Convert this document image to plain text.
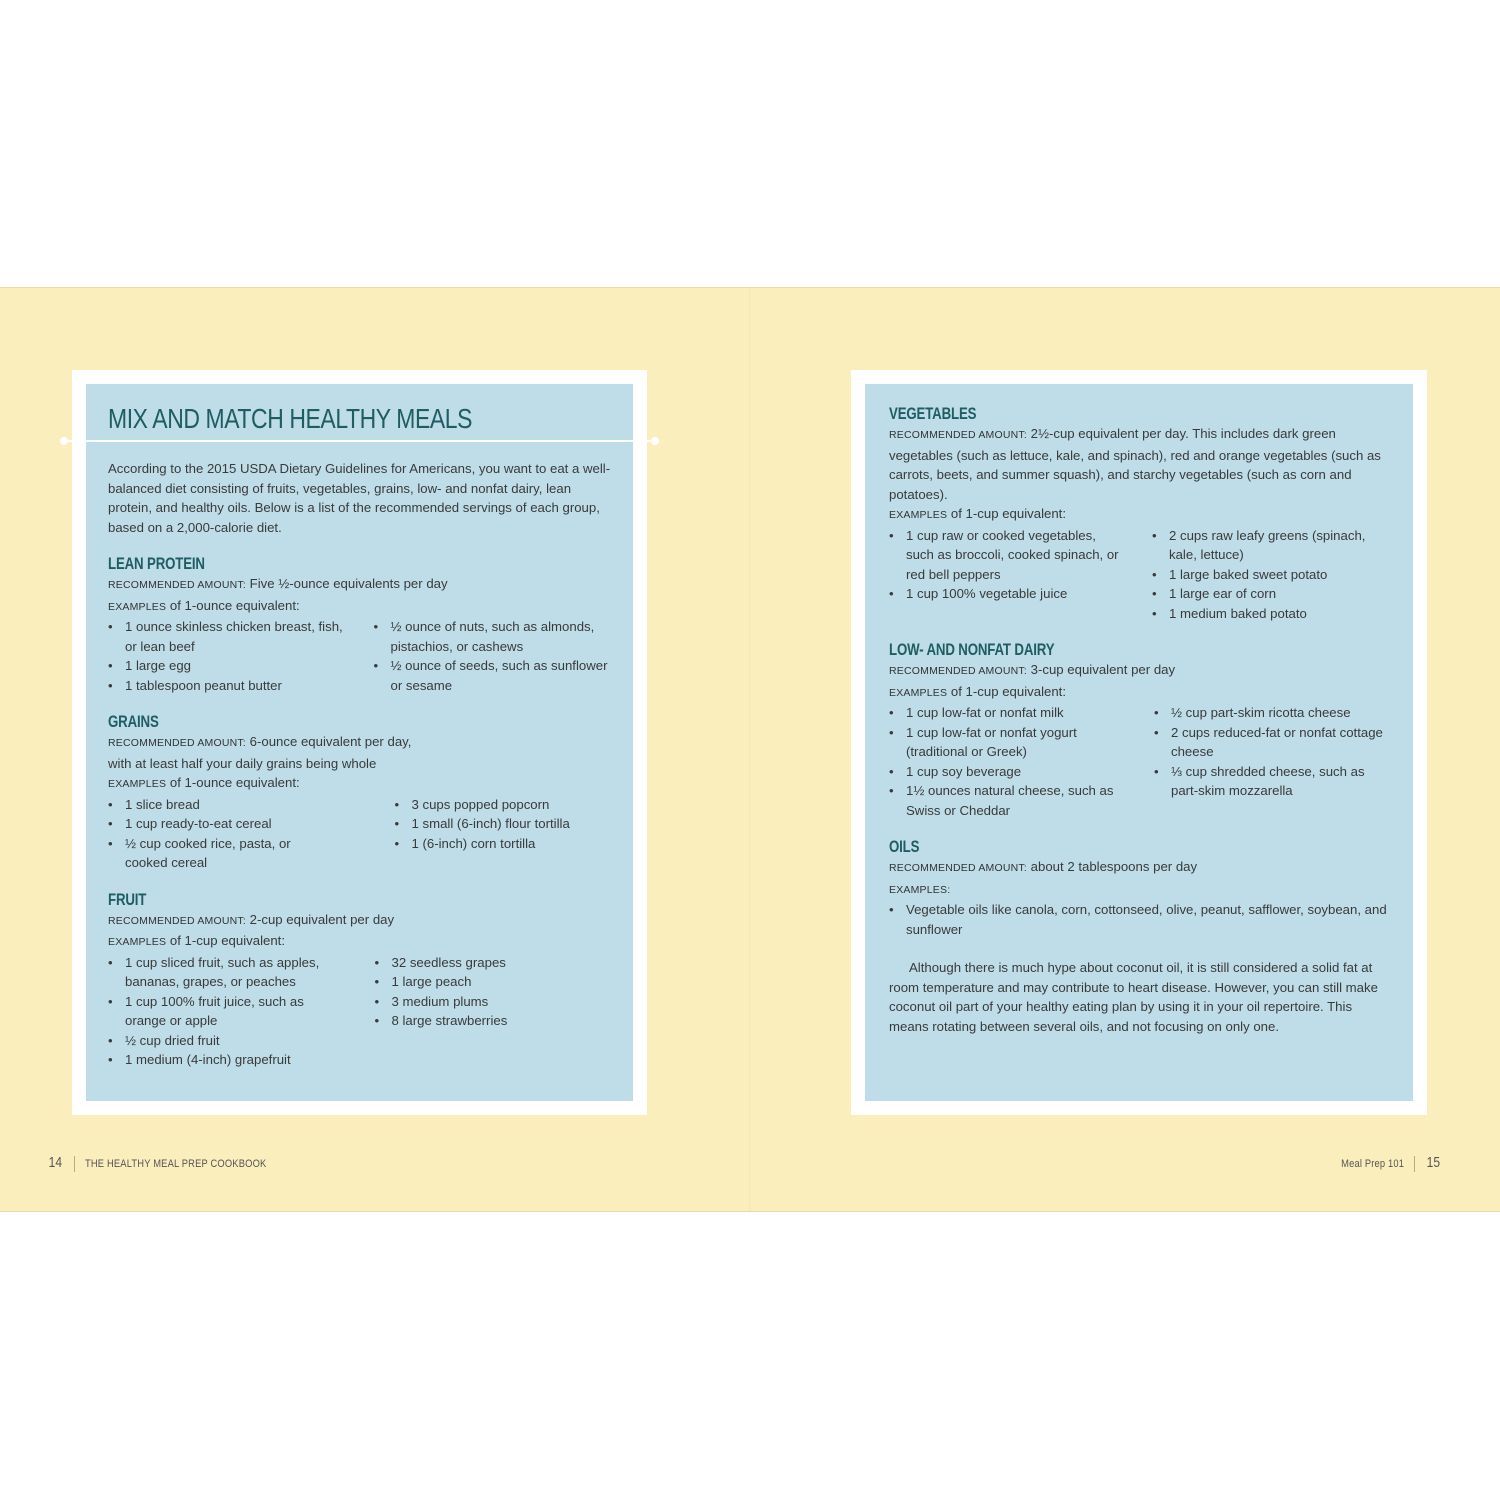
MIX AND MATCH HEALTHY MEALS

According to the 2015 USDA Dietary Guidelines for Americans, you want to eat a well-balanced diet consisting of fruits, vegetables, grains, low- and nonfat dairy, lean protein, and healthy oils. Below is a list of the recommended servings of each group, based on a 2,000-calorie diet.

LEAN PROTEIN

RECOMMENDED AMOUNT: Five ½-ounce equivalents per day

EXAMPLES of 1-ounce equivalent:

• 1 ounce skinless chicken breast, fish, or lean beef
• 1 large egg
• 1 tablespoon peanut butter
• ½ ounce of nuts, such as almonds, pistachios, or cashews
• ½ ounce of seeds, such as sunflower or sesame
GRAINS

RECOMMENDED AMOUNT: 6-ounce equivalent per day, with at least half your daily grains being whole

EXAMPLES of 1-ounce equivalent:

• 1 slice bread
• 1 cup ready-to-eat cereal
• ½ cup cooked rice, pasta, or cooked cereal
• 3 cups popped popcorn
• 1 small (6-inch) flour tortilla
• 1 (6-inch) corn tortilla
FRUIT

RECOMMENDED AMOUNT: 2-cup equivalent per day

EXAMPLES of 1-cup equivalent:

• 1 cup sliced fruit, such as apples, bananas, grapes, or peaches
• 1 cup 100% fruit juice, such as orange or apple
• ½ cup dried fruit
• 1 medium (4-inch) grapefruit
• 32 seedless grapes
• 1 large peach
• 3 medium plums
• 8 large strawberries
VEGETABLES

RECOMMENDED AMOUNT: 2½-cup equivalent per day. This includes dark green vegetables (such as lettuce, kale, and spinach), red and orange vegetables (such as carrots, beets, and summer squash), and starchy vegetables (such as corn and potatoes).

EXAMPLES of 1-cup equivalent:

• 1 cup raw or cooked vegetables, such as broccoli, cooked spinach, or red bell peppers
• 1 cup 100% vegetable juice
• 2 cups raw leafy greens (spinach, kale, lettuce)
• 1 large baked sweet potato
• 1 large ear of corn
• 1 medium baked potato
LOW- AND NONFAT DAIRY

RECOMMENDED AMOUNT: 3-cup equivalent per day

EXAMPLES of 1-cup equivalent:

• 1 cup low-fat or nonfat milk
• 1 cup low-fat or nonfat yogurt (traditional or Greek)
• 1 cup soy beverage
• 1½ ounces natural cheese, such as Swiss or Cheddar
• ½ cup part-skim ricotta cheese
• 2 cups reduced-fat or nonfat cottage cheese
• ⅓ cup shredded cheese, such as part-skim mozzarella
OILS

RECOMMENDED AMOUNT: about 2 tablespoons per day

EXAMPLES:

• Vegetable oils like canola, corn, cottonseed, olive, peanut, safflower, soybean, and sunflower

Although there is much hype about coconut oil, it is still considered a solid fat at room temperature and may contribute to heart disease. However, you can still make coconut oil part of your healthy eating plan by using it in your oil repertoire. This means rotating between several oils, and not focusing on only one.

14 THE HEALTHY MEAL PREP COOKBOOK	Meal Prep 101 15
